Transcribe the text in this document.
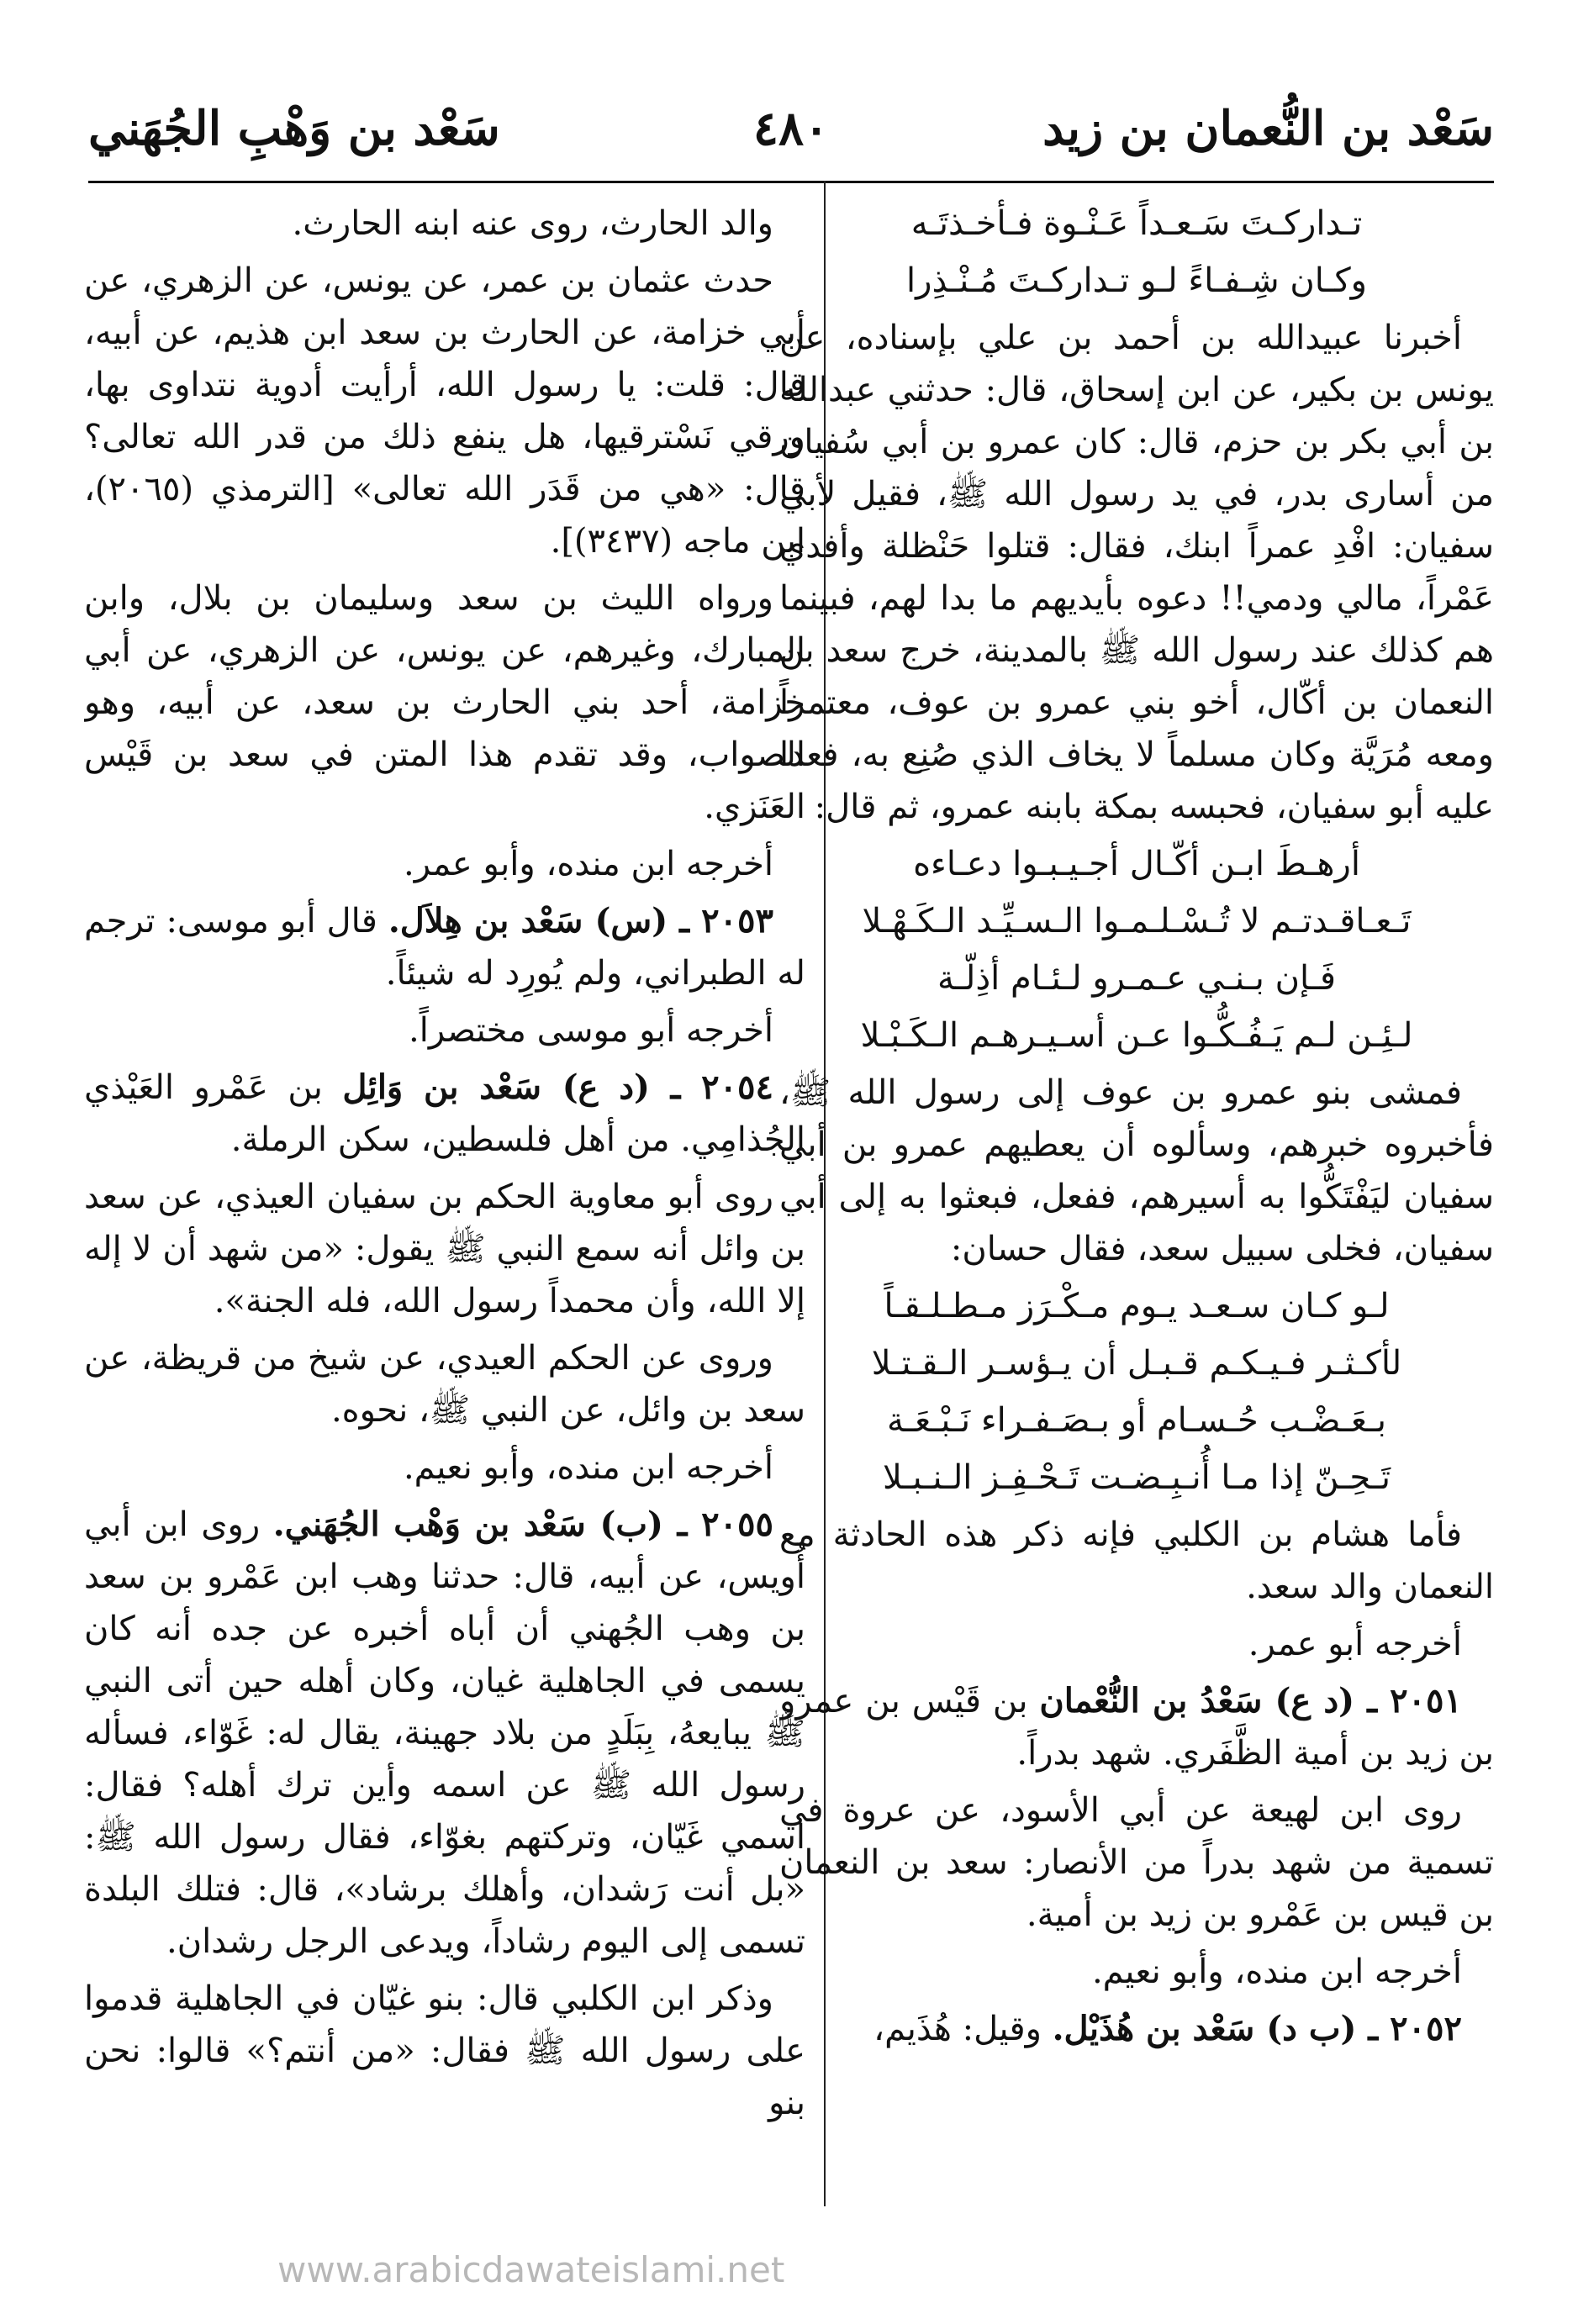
سَعْد بن النُّعمان بن زيد
٤٨٠
سَعْد بن وَهْبِ الجُهَني
تـداركـتَ سَـعـداً عَـنْـوة فـأخـذتَـه
وكـان شِـفـاءً لـو تـداركـتَ مُـنْـذِرا
أخبرنا عبيدالله بن أحمد بن علي بإسناده، عن يونس بن بكير، عن ابن إسحاق، قال: حدثني عبدالله بن أبي بكر بن حزم، قال: كان عمرو بن أبي سُفيان من أسارى بدر، في يد رسول الله ﷺ، فقيل لأبي سفيان: افْدِ عمراً ابنك، فقال: قتلوا حَنْظلة وأفدي عَمْراً، مالي ودمي!! دعوه بأيديهم ما بدا لهم، فبينما هم كذلك عند رسول الله ﷺ بالمدينة، خرج سعد بن النعمان بن أكّال، أخو بني عمرو بن عوف، معتمراً ومعه مُرَيَّة وكان مسلماً لا يخاف الذي صُنِع به، فعدا عليه أبو سفيان، فحبسه بمكة بابنه عمرو، ثم قال:
أرهـطَ ابـن أكّـال أجـيـبـوا دعـاءه
تَـعـاقـدتـم لا تُـسْـلـمـوا الـسـيِّـد الـكَـهْـلا
فَـإن بـنـي عـمـرو لـئـام أذِلّـة
لـئِـن لـم يَـفُـكُّـوا عـن أسـيـرهـم الـكَـبْـلا
فمشى بنو عمرو بن عوف إلى رسول الله ﷺ، فأخبروه خبرهم، وسألوه أن يعطيهم عمرو بن أبي سفيان ليَفْتَكُّوا به أسيرهم، ففعل، فبعثوا به إلى أبي سفيان، فخلى سبيل سعد، فقال حسان:
لـو كـان سـعـد يـوم مـكْـرَز مـطـلـقـاً
لأكـثـر فـيـكـم قـبـل أن يـؤسـر الـقـتـلا
بـعَـضْـب حُـسـام أو بـصَـفـراء نَـبْـعَـة
تَـحِـنّ إذا مـا أُنـبِـضـت تَـحْـفِـز الـنـبـلا
فأما هشام بن الكلبي فإنه ذكر هذه الحادثة مع النعمان والد سعد.
أخرجه أبو عمر.
٢٠٥١ ـ (د ع) سَعْدُ بن النُّعْمان بن قَيْس بن عمرو بن زيد بن أمية الظَّفَري. شهد بدراً.
روى ابن لهيعة عن أبي الأسود، عن عروة في تسمية من شهد بدراً من الأنصار: سعد بن النعمان بن قيس بن عَمْرو بن زيد بن أمية.
أخرجه ابن منده، وأبو نعيم.
٢٠٥٢ ـ (ب د) سَعْد بن هُذَيْل. وقيل: هُذَيم،
والد الحارث، روى عنه ابنه الحارث.
حدث عثمان بن عمر، عن يونس، عن الزهري، عن أبي خزامة، عن الحارث بن سعد ابن هذيم، عن أبيه، قال: قلت: يا رسول الله، أرأيت أدوية نتداوى بها، ورقي نَسْترقيها، هل ينفع ذلك من قدر الله تعالى؟ قال: «هي من قَدَر الله تعالى» [الترمذي (٢٠٦٥)، ابن ماجه (٣٤٣٧)].
ورواه الليث بن سعد وسليمان بن بلال، وابن المبارك، وغيرهم، عن يونس، عن الزهري، عن أبي خزامة، أحد بني الحارث بن سعد، عن أبيه، وهو الصواب، وقد تقدم هذا المتن في سعد بن قَيْس العَنَزي.
أخرجه ابن منده، وأبو عمر.
٢٠٥٣ ـ (س) سَعْد بن هِلاَل. قال أبو موسى: ترجم له الطبراني، ولم يُورِد له شيئاً.
أخرجه أبو موسى مختصراً.
٢٠٥٤ ـ (د ع) سَعْد بن وَائِل بن عَمْرو العَيْذي الجُذامِي. من أهل فلسطين، سكن الرملة.
روى أبو معاوية الحكم بن سفيان العيذي، عن سعد بن وائل أنه سمع النبي ﷺ يقول: «من شهد أن لا إله إلا الله، وأن محمداً رسول الله، فله الجنة».
وروى عن الحكم العيدي، عن شيخ من قريظة، عن سعد بن وائل، عن النبي ﷺ، نحوه.
أخرجه ابن منده، وأبو نعيم.
٢٠٥٥ ـ (ب) سَعْد بن وَهْب الجُهَني. روى ابن أبي أُويس، عن أبيه، قال: حدثنا وهب ابن عَمْرو بن سعد بن وهب الجُهني أن أباه أخبره عن جده أنه كان يسمى في الجاهلية غيان، وكان أهله حين أتى النبي ﷺ يبايعهُ، بِبَلَدٍ من بلاد جهينة، يقال له: غَوّاء، فسأله رسول الله ﷺ عن اسمه وأين ترك أهله؟ فقال: اسمي غَيّان، وتركتهم بغوّاء، فقال رسول الله ﷺ: «بل أنت رَشدان، وأهلك برشاد»، قال: فتلك البلدة تسمى إلى اليوم رشاداً، ويدعى الرجل رشدان.
وذكر ابن الكلبي قال: بنو غيّان في الجاهلية قدموا على رسول الله ﷺ فقال: «من أنتم؟» قالوا: نحن بنو
www.arabicdawateislami.net
